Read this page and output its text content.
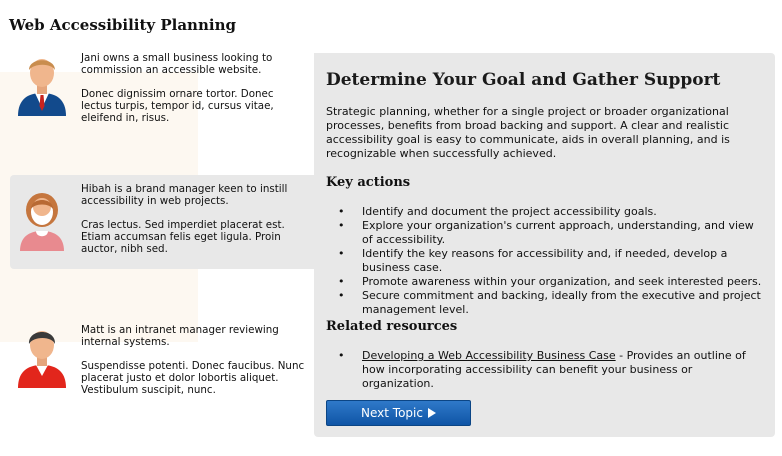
Web Accessibility Planning

Jani owns a small business looking to commission an accessible website.

Donec dignissim ornare tortor. Donec lectus turpis, tempor id, cursus vitae, eleifend in, risus.

Hibah is a brand manager keen to instill accessibility in web projects.

Cras lectus. Sed imperdiet placerat est. Etiam accumsan felis eget ligula. Proin auctor, nibh sed.

Matt is an intranet manager reviewing internal systems.

Suspendisse potenti. Donec faucibus. Nunc placerat justo et dolor lobortis aliquet. Vestibulum suscipit, nunc.

Determine Your Goal and Gather Support

Strategic planning, whether for a single project or broader organizational processes, benefits from broad backing and support. A clear and realistic accessibility goal is easy to communicate, aids in overall planning, and is recognizable when successfully achieved.

Key actions
• Identify and document the project accessibility goals.
• Explore your organization's current approach, understanding, and view of accessibility.
• Identify the key reasons for accessibility and, if needed, develop a business case.
• Promote awareness within your organization, and seek interested peers.
• Secure commitment and backing, ideally from the executive and project management level.
Related resources
• Developing a Web Accessibility Business Case - Provides an outline of how incorporating accessibility can benefit your business or organization.
Next Topic
